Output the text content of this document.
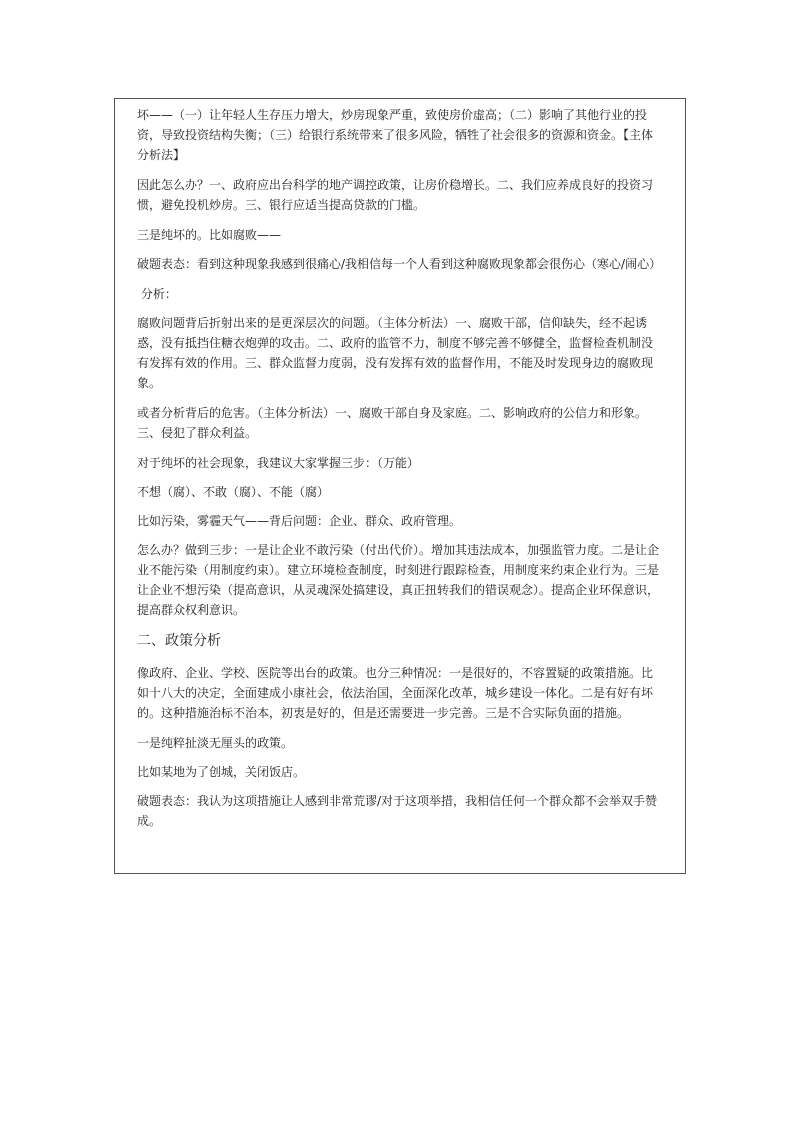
坏——（一）让年轻人生存压力增大，炒房现象严重，致使房价虚高；（二）影响了其他行业的投资，导致投资结构失衡；（三）给银行系统带来了很多风险，牺牲了社会很多的资源和资金。【主体分析法】

因此怎么办？一、政府应出台科学的地产调控政策，让房价稳增长。二、我们应养成良好的投资习惯，避免投机炒房。三、银行应适当提高贷款的门槛。

三是纯坏的。比如腐败——

破题表态：看到这种现象我感到很痛心/我相信每一个人看到这种腐败现象都会很伤心（寒心/闹心）

分析：

腐败问题背后折射出来的是更深层次的问题。（主体分析法）一、腐败干部，信仰缺失，经不起诱惑，没有抵挡住糖衣炮弹的攻击。二、政府的监管不力，制度不够完善不够健全，监督检查机制没有发挥有效的作用。三、群众监督力度弱，没有发挥有效的监督作用，不能及时发现身边的腐败现象。

或者分析背后的危害。（主体分析法）一、腐败干部自身及家庭。二、影响政府的公信力和形象。三、侵犯了群众利益。

对于纯坏的社会现象，我建议大家掌握三步：（万能）

不想（腐）、不敢（腐）、不能（腐）

比如污染，雾霾天气——背后问题：企业、群众、政府管理。

怎么办？做到三步：一是让企业不敢污染（付出代价）。增加其违法成本，加强监管力度。二是让企业不能污染（用制度约束）。建立环境检查制度，时刻进行跟踪检查，用制度来约束企业行为。三是让企业不想污染（提高意识，从灵魂深处搞建设，真正扭转我们的错误观念）。提高企业环保意识，提高群众权利意识。

二、政策分析

像政府、企业、学校、医院等出台的政策。也分三种情况：一是很好的，不容置疑的政策措施。比如十八大的决定，全面建成小康社会，依法治国，全面深化改革，城乡建设一体化。二是有好有坏的。这种措施治标不治本，初衷是好的，但是还需要进一步完善。三是不合实际负面的措施。

一是纯粹扯淡无厘头的政策。

比如某地为了创城，关闭饭店。

破题表态：我认为这项措施让人感到非常荒谬/对于这项举措，我相信任何一个群众都不会举双手赞成。
